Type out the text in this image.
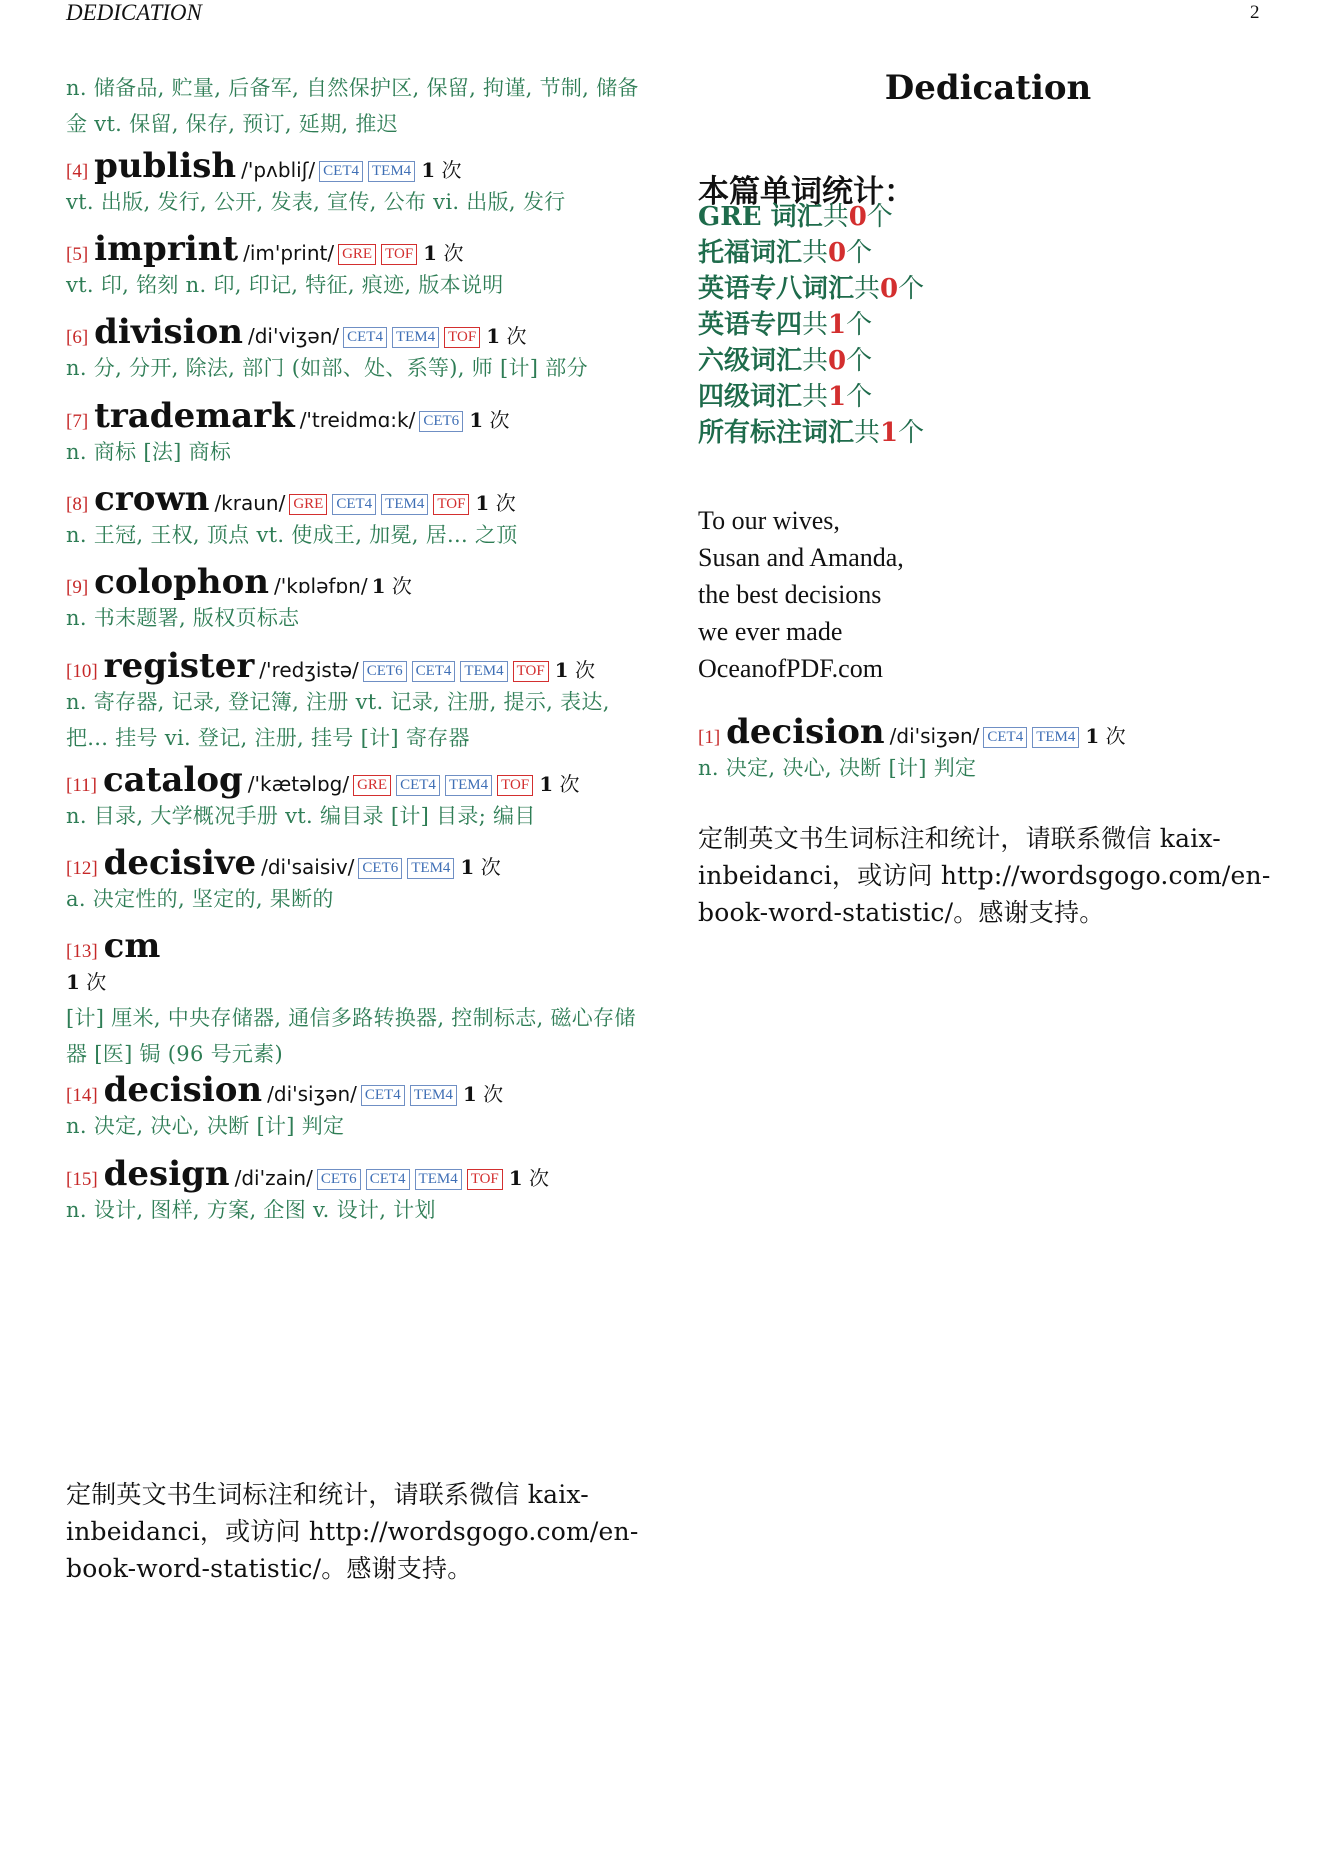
DEDICATION	2
n. 储备品, 贮量, 后备军, 自然保护区, 保留, 拘谨, 节制, 储备金 vt. 保留, 保存, 预订, 延期, 推迟
[4] publish /'pʌbliʃ/ CET4 TEM4 1 次
vt. 出版, 发行, 公开, 发表, 宣传, 公布 vi. 出版, 发行
[5] imprint /im'print/ GRE TOF 1 次
vt. 印, 铭刻 n. 印, 印记, 特征, 痕迹, 版本说明
[6] division /di'viʒən/ CET4 TEM4 TOF 1 次
n. 分, 分开, 除法, 部门 (如部、处、系等), 师 [计] 部分
[7] trademark /'treidmɑ:k/ CET6 1 次
n. 商标 [法] 商标
[8] crown /kraun/ GRE CET4 TEM4 TOF 1 次
n. 王冠, 王权, 顶点 vt. 使成王, 加冕, 居... 之顶
[9] colophon /'kɒləfɒn/ 1 次
n. 书末题署, 版权页标志
[10] register /'redʒistə/ CET6 CET4 TEM4 TOF 1 次
n. 寄存器, 记录, 登记簿, 注册 vt. 记录, 注册, 提示, 表达, 把... 挂号 vi. 登记, 注册, 挂号 [计] 寄存器
[11] catalog /'kætəlɒg/ GRE CET4 TEM4 TOF 1 次
n. 目录, 大学概况手册 vt. 编目录 [计] 目录; 编目
[12] decisive /di'saisiv/ CET6 TEM4 1 次
a. 决定性的, 坚定的, 果断的
[13] cm
1 次
[计] 厘米, 中央存储器, 通信多路转换器, 控制标志, 磁心存储器 [医] 锔 (96 号元素)
[14] decision /di'siʒən/ CET4 TEM4 1 次
n. 决定, 决心, 决断 [计] 判定
[15] design /di'zain/ CET6 CET4 TEM4 TOF 1 次
n. 设计, 图样, 方案, 企图 v. 设计, 计划
定制英文书生词标注和统计，请联系微信 kaix-inbeidanci，或访问 http://wordsgogo.com/en-book-word-statistic/。感谢支持。
Dedication
本篇单词统计：
GRE 词汇共0个
托福词汇共0个
英语专八词汇共0个
英语专四共1个
六级词汇共0个
四级词汇共1个
所有标注词汇共1个
To our wives,
Susan and Amanda,
the best decisions
we ever made
OceanofPDF.com
[1] decision /di'siʒən/ CET4 TEM4 1 次
n. 决定, 决心, 决断 [计] 判定
定制英文书生词标注和统计，请联系微信 kaix-inbeidanci，或访问 http://wordsgogo.com/en-book-word-statistic/。感谢支持。
